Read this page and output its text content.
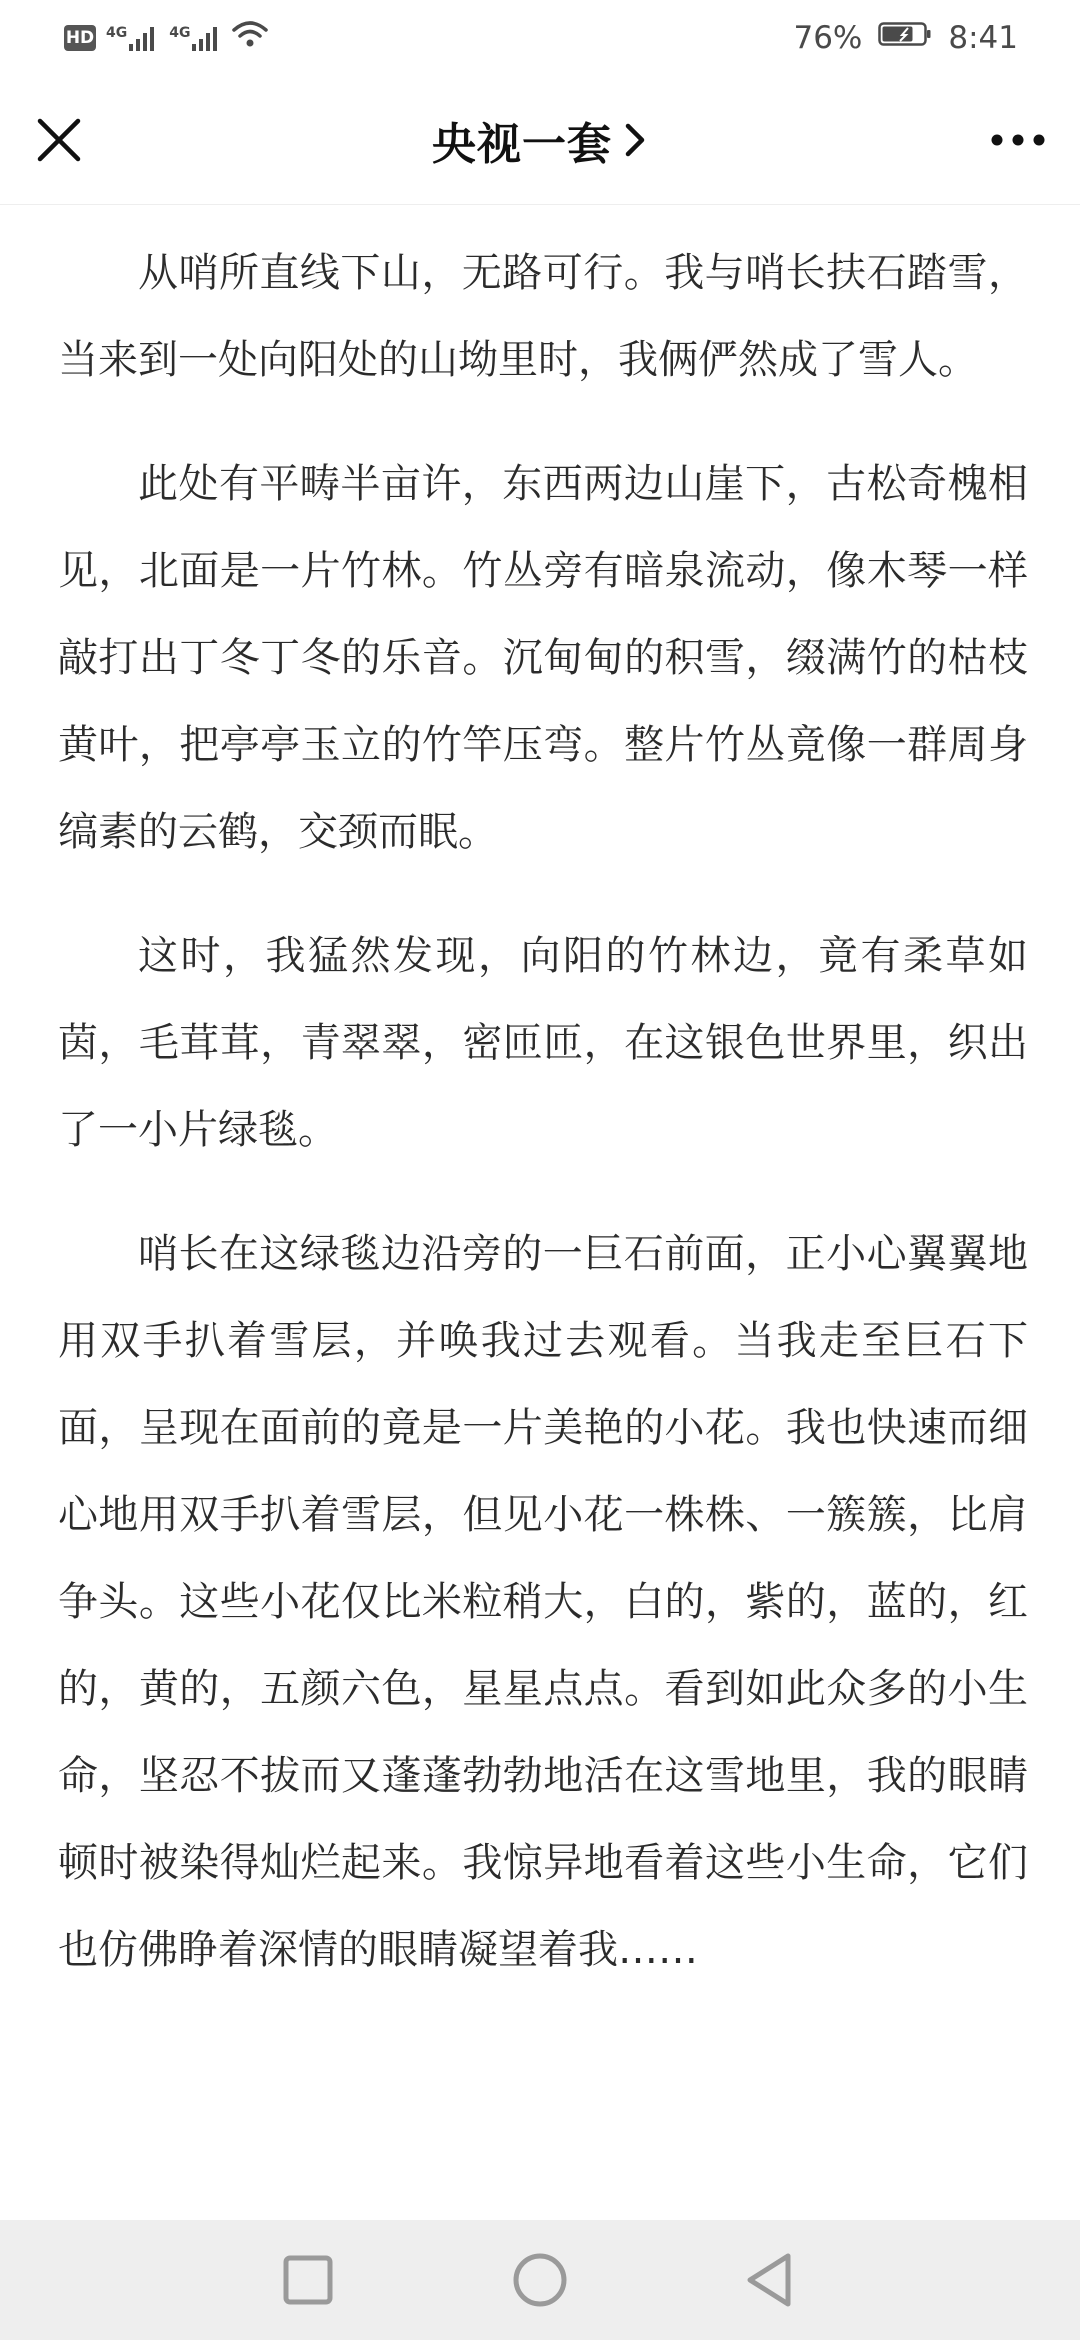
HD 4G	4G	76%	8:41
央视一套

从哨所直线下山，无路可行。我与哨长扶石踏雪，当来到一处向阳处的山坳里时，我俩俨然成了雪人。

此处有平畴半亩许，东西两边山崖下，古松奇槐相见，北面是一片竹林。竹丛旁有暗泉流动，像木琴一样敲打出丁冬丁冬的乐音。沉甸甸的积雪，缀满竹的枯枝黄叶，把亭亭玉立的竹竿压弯。整片竹丛竟像一群周身缟素的云鹤，交颈而眠。

这时，我猛然发现，向阳的竹林边，竟有柔草如茵，毛茸茸，青翠翠，密匝匝，在这银色世界里，织出了一小片绿毯。

哨长在这绿毯边沿旁的一巨石前面，正小心翼翼地用双手扒着雪层，并唤我过去观看。当我走至巨石下面，呈现在面前的竟是一片美艳的小花。我也快速而细心地用双手扒着雪层，但见小花一株株、一簇簇，比肩争头。这些小花仅比米粒稍大，白的，紫的，蓝的，红的，黄的，五颜六色，星星点点。看到如此众多的小生命，坚忍不拔而又蓬蓬勃勃地活在这雪地里，我的眼睛顿时被染得灿烂起来。我惊异地看着这些小生命，它们也仿佛睁着深情的眼睛凝望着我……
